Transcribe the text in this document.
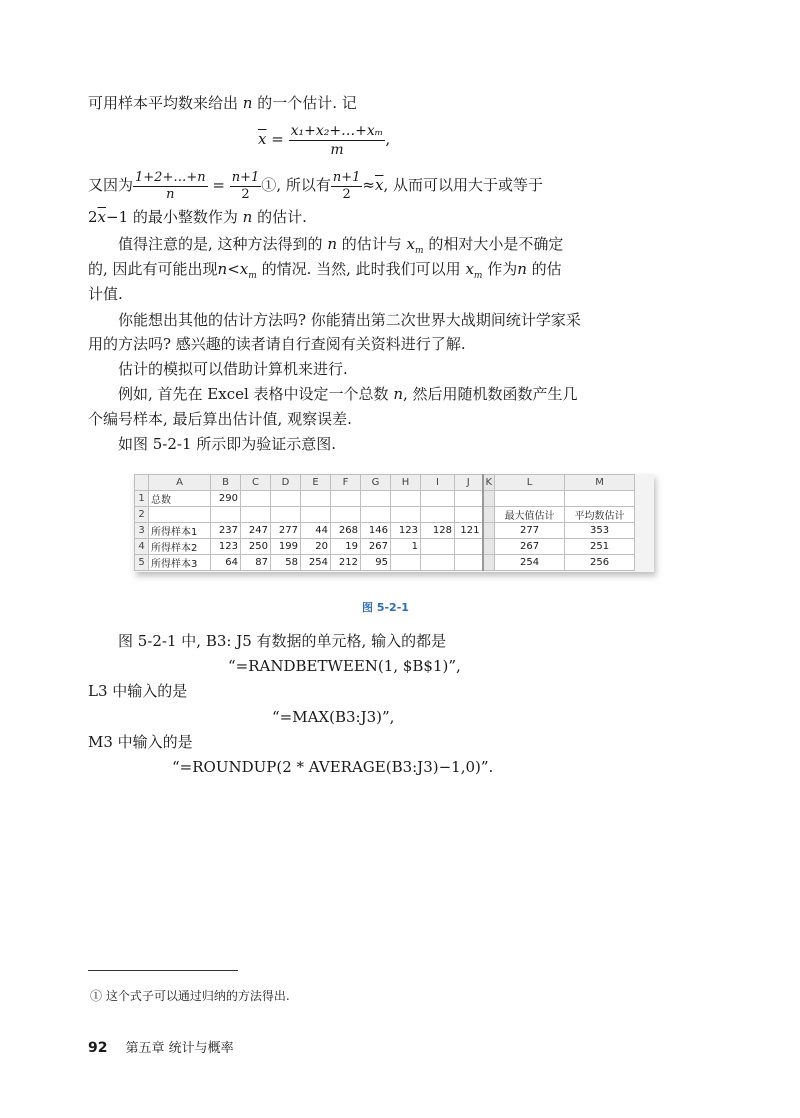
可用样本平均数来给出 n 的一个估计. 记
$\overline{x} = \frac{\text{x₁+x₂+…+xₘ}}{m}$ ,
又因为 $\frac{1+2+\dots+n}{n} = \frac{n+1}{2}$ ①, 所以有 $\frac{n+1}{2} \approx\overline{x}$, 从而可以用大于或等于
$2\overline{x}-1$ 的最小整数作为 n 的估计.
值得注意的是, 这种方法得到的 n 的估计与 $x_m$ 的相对大小是不确定
的, 因此有可能出现$n<x_m$ 的情况. 当然, 此时我们可以用 $x_m$ 作为n 的估
计值.
你能想出其他的估计方法吗? 你能猜出第二次世界大战期间统计学家采
用的方法吗? 感兴趣的读者请自行查阅有关资料进行了解.
估计的模拟可以借助计算机来进行.
例如, 首先在 Excel 表格中设定一个总数 n, 然后用随机数函数产生几
个编号样本, 最后算出估计值, 观察误差.
如图 5-2-1 所示即为验证示意图.
	A	B	C	D	E	F	G	H	I	J	K	L	M
1	总数	290											
2												最大值估计	平均数估计
3	所得样本1	237	247	277	44	268	146	123	128	121		277	353
4	所得样本2	123	250	199	20	19	267	1				267	251
5	所得样本3	64	87	58	254	212	95					254	256
图 5-2-1
图 5-2-1 中, B3: J5 有数据的单元格, 输入的都是
“=RANDBETWEEN(1, $B$1)”,
L3 中输入的是
“=MAX(B3:J3)”,
M3 中输入的是
“=ROUNDUP(2 * AVERAGE(B3:J3)−1,0)”.
① 这个式子可以通过归纳的方法得出.
92 第五章 统计与概率
